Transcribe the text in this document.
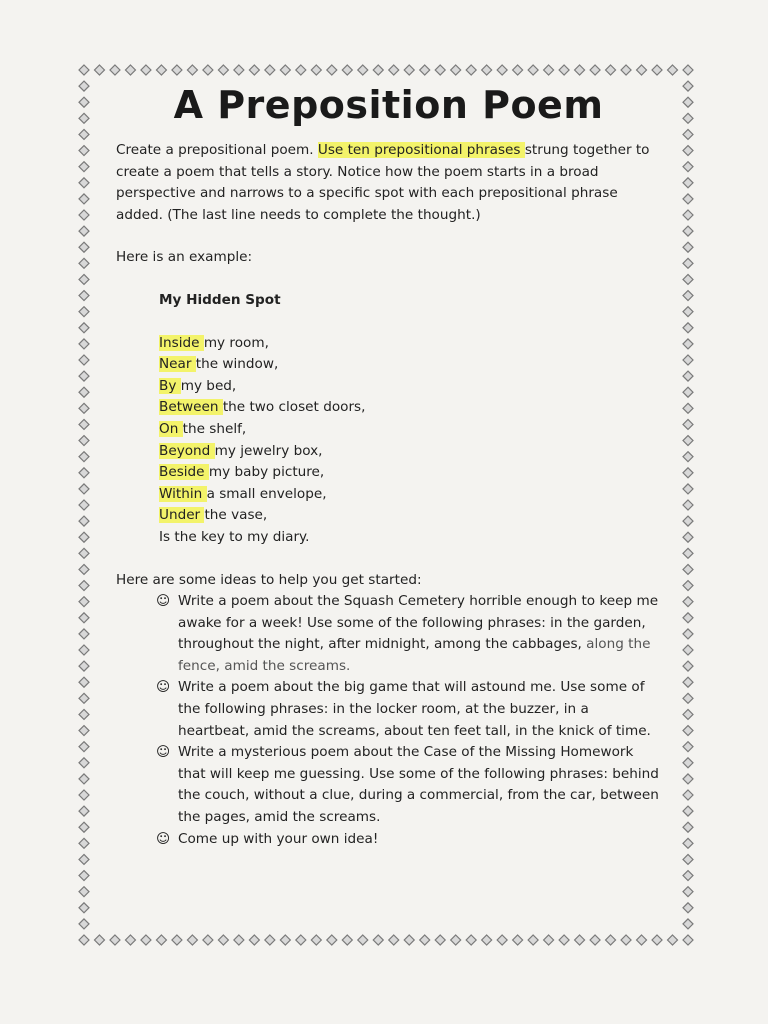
A Preposition Poem

Create a prepositional poem. Use ten prepositional phrases strung together to create a poem that tells a story. Notice how the poem starts in a broad perspective and narrows to a specific spot with each prepositional phrase added. (The last line needs to complete the thought.)

Here is an example:

My Hidden Spot

Inside my room,

Near the window,

By my bed,

Between the two closet doors,

On the shelf,

Beyond my jewelry box,

Beside my baby picture,

Within a small envelope,

Under the vase,

Is the key to my diary.

Here are some ideas to help you get started:

☺ Write a poem about the Squash Cemetery horrible enough to keep me awake for a week! Use some of the following phrases: in the garden, throughout the night, after midnight, among the cabbages, along the fence, amid the screams.
☺ Write a poem about the big game that will astound me. Use some of the following phrases: in the locker room, at the buzzer, in a heartbeat, amid the screams, about ten feet tall, in the knick of time.
☺ Write a mysterious poem about the Case of the Missing Homework that will keep me guessing. Use some of the following phrases: behind the couch, without a clue, during a commercial, from the car, between the pages, amid the screams.
☺ Come up with your own idea!
